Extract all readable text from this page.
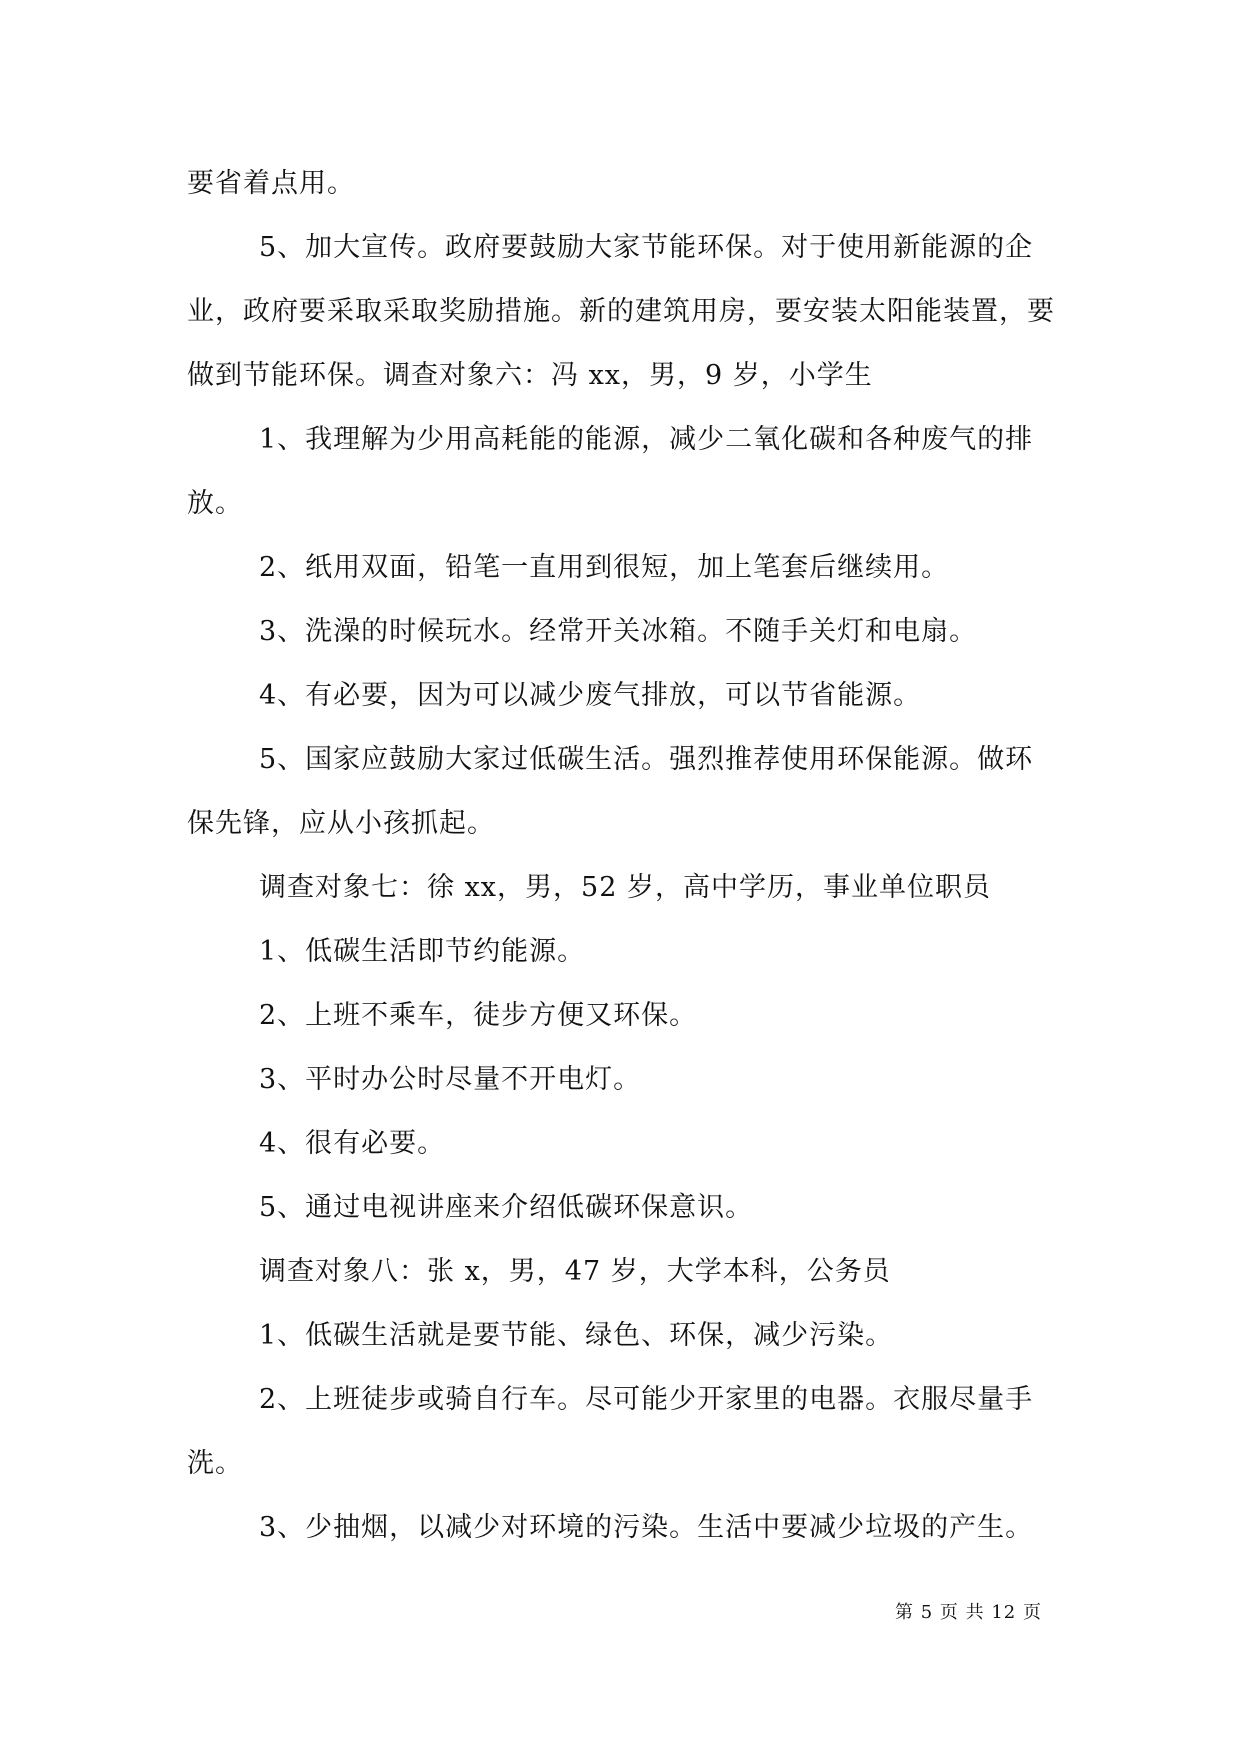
要省着点用。

5、加大宣传。政府要鼓励大家节能环保。对于使用新能源的企业，政府要采取采取奖励措施。新的建筑用房，要安装太阳能装置，要做到节能环保。调查对象六：冯 xx，男，9 岁，小学生

1、我理解为少用高耗能的能源，减少二氧化碳和各种废气的排放。

2、纸用双面，铅笔一直用到很短，加上笔套后继续用。

3、洗澡的时候玩水。经常开关冰箱。不随手关灯和电扇。

4、有必要，因为可以减少废气排放，可以节省能源。

5、国家应鼓励大家过低碳生活。强烈推荐使用环保能源。做环保先锋，应从小孩抓起。

调查对象七：徐 xx，男，52 岁，高中学历，事业单位职员

1、低碳生活即节约能源。

2、上班不乘车，徒步方便又环保。

3、平时办公时尽量不开电灯。

4、很有必要。

5、通过电视讲座来介绍低碳环保意识。

调查对象八：张 x，男，47 岁，大学本科，公务员

1、低碳生活就是要节能、绿色、环保，减少污染。

2、上班徒步或骑自行车。尽可能少开家里的电器。衣服尽量手洗。

3、少抽烟，以减少对环境的污染。生活中要减少垃圾的产生。

第 5 页 共 12 页
